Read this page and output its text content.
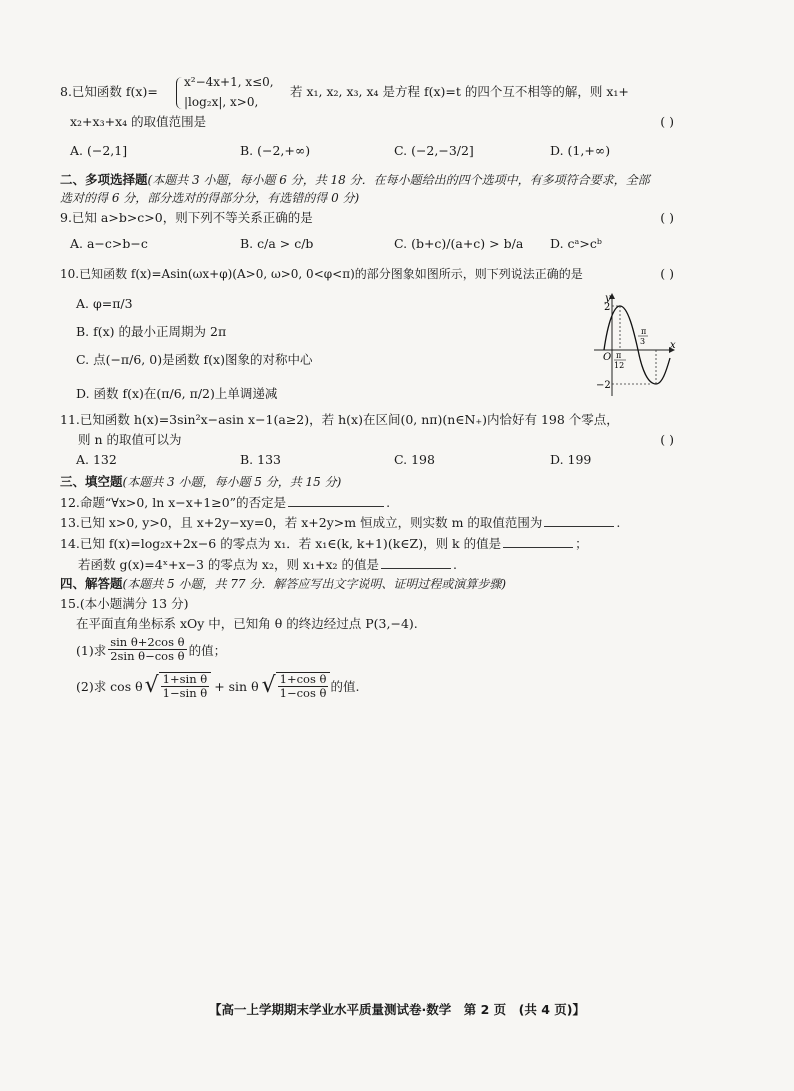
8.已知函数 f(x)=
x²−4x+1, x≤0,
|log₂x|, x>0,
若 x₁, x₂, x₃, x₄ 是方程 f(x)=t 的四个互不相等的解，则 x₁+
x₂+x₃+x₄ 的取值范围是	( )
A. (−2,1]	B. (−2,+∞)	C. (−2,−3/2]	D. (1,+∞)
二、多项选择题(本题共 3 小题，每小题 6 分，共 18 分．在每小题给出的四个选项中，有多项符合要求，全部
选对的得 6 分，部分选对的得部分分，有选错的得 0 分)
9.已知 a>b>c>0，则下列不等关系正确的是	( )
A. a−c>b−c	B. c/a > c/b	C. (b+c)/(a+c) > b/a D. cᵃ>cᵇ
10.已知函数 f(x)=Asin(ωx+φ)(A>0, ω>0, 0<φ<π)的部分图象如图所示，则下列说法正确的是	( )
A. φ=π/3
B. f(x) 的最小正周期为 2π
C. 点(−π/6, 0)是函数 f(x)图象的对称中心
D. 函数 f(x)在(π/6, π/2)上单调递减
y
x
O
2
−2
π
12
π
3
11.已知函数 h(x)=3sin²x−asin x−1(a≥2)，若 h(x)在区间(0, nπ)(n∈N₊)内恰好有 198 个零点，
则 n 的取值可以为	( )
A. 132	B. 133	C. 198	D. 199
三、填空题(本题共 3 小题，每小题 5 分，共 15 分)
12.命题“∀x>0, ln x−x+1≥0”的否定是	.
13.已知 x>0, y>0，且 x+2y−xy=0，若 x+2y>m 恒成立，则实数 m 的取值范围为	.
14.已知 f(x)=log₂x+2x−6 的零点为 x₁．若 x₁∈(k, k+1)(k∈Z)，则 k 的值是	；
若函数 g(x)=4ˣ+x−3 的零点为 x₂，则 x₁+x₂ 的值是	.
四、解答题(本题共 5 小题，共 77 分．解答应写出文字说明、证明过程或演算步骤)
15.(本小题满分 13 分)
在平面直角坐标系 xOy 中，已知角 θ 的终边经过点 P(3,−4).
(1)求 $\frac{\text{sin θ+2cos θ}}{\text{2sin θ−cos θ}}$ 的值；
(2)求 cos θ √ $\frac{\text{1+sin θ}}{\text{1−sin θ}} + \sin \theta$ √ $\frac{\text{1+cos θ}}{\text{1−cos θ}}$ 的值.
【高一上学期期末学业水平质量测试卷·数学　第 2 页　(共 4 页)】
